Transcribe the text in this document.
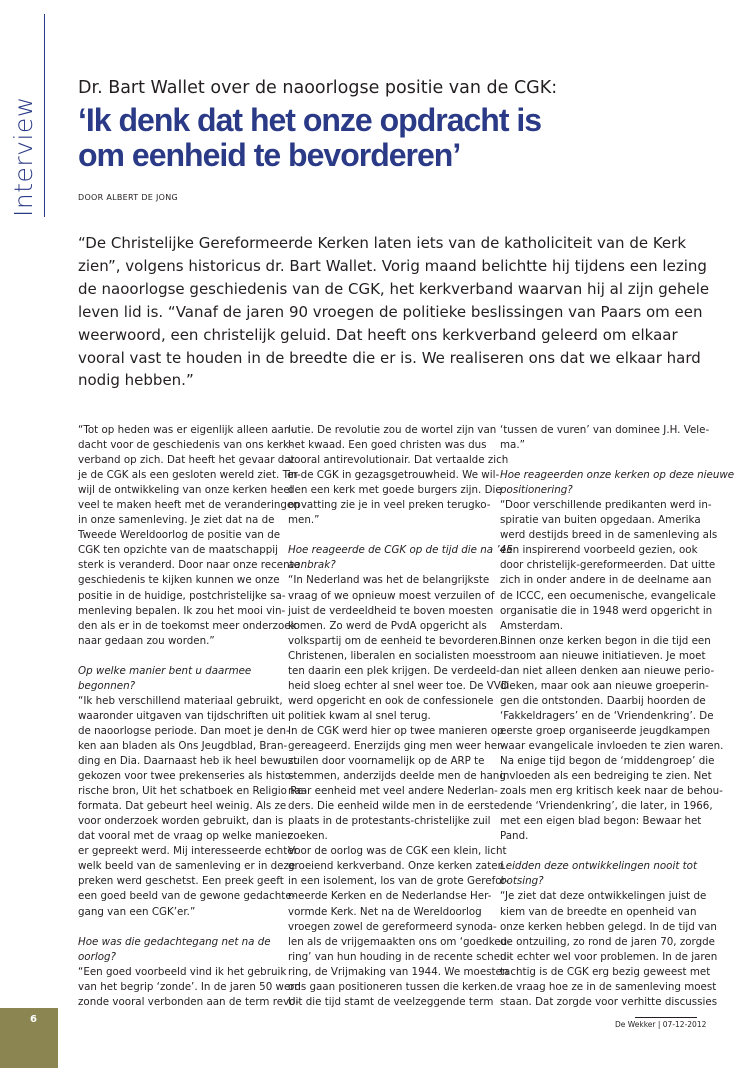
Interview
Dr. Bart Wallet over de naoorlogse positie van de CGK:
‘Ik denk dat het onze opdracht is
om eenheid te bevorderen’
DOOR ALBERT DE JONG
“De Christelijke Gereformeerde Kerken laten iets van de katholiciteit van de Kerk
zien”, volgens historicus dr. Bart Wallet. Vorig maand belichtte hij tijdens een lezing
de naoorlogse geschiedenis van de CGK, het kerkverband waarvan hij al zijn gehele
leven lid is. “Vanaf de jaren 90 vroegen de politieke beslissingen van Paars om een
weerwoord, een christelijk geluid. Dat heeft ons kerkverband geleerd om elkaar
vooral vast te houden in de breedte die er is. We realiseren ons dat we elkaar hard
nodig hebben.”
“Tot op heden was er eigenlijk alleen aan-
dacht voor de geschiedenis van ons kerk-
verband op zich. Dat heeft het gevaar dat
je de CGK als een gesloten wereld ziet. Ter-
wijl de ontwikkeling van onze kerken heel
veel te maken heeft met de veranderingen
in onze samenleving. Je ziet dat na de
Tweede Wereldoorlog de positie van de
CGK ten opzichte van de maatschappij
sterk is veranderd. Door naar onze recente
geschiedenis te kijken kunnen we onze
positie in de huidige, postchristelijke sa-
menleving bepalen. Ik zou het mooi vin-
den als er in de toekomst meer onderzoek
naar gedaan zou worden.”
Op welke manier bent u daarmee
begonnen?
“Ik heb verschillend materiaal gebruikt,
waaronder uitgaven van tijdschriften uit
de naoorlogse periode. Dan moet je den-
ken aan bladen als Ons Jeugdblad, Bran-
ding en Dia. Daarnaast heb ik heel bewust
gekozen voor twee prekenseries als histo-
rische bron, Uit het schatboek en Religio Re-
formata. Dat gebeurt heel weinig. Als ze
voor onderzoek worden gebruikt, dan is
dat vooral met de vraag op welke manier
er gepreekt werd. Mij interesseerde echter
welk beeld van de samenleving er in deze
preken werd geschetst. Een preek geeft
een goed beeld van de gewone gedachte-
gang van een CGK’er.”
Hoe was die gedachtegang net na de
oorlog?
“Een goed voorbeeld vind ik het gebruik
van het begrip ‘zonde’. In de jaren 50 werd
zonde vooral verbonden aan de term revo-
lutie. De revolutie zou de wortel zijn van
het kwaad. Een goed christen was dus
vooral antirevolutionair. Dat vertaalde zich
in de CGK in gezagsgetrouwheid. We wil-
den een kerk met goede burgers zijn. Die
opvatting zie je in veel preken terugko-
men.”
Hoe reageerde de CGK op de tijd die na ’45
aanbrak?
“In Nederland was het de belangrijkste
vraag of we opnieuw moest verzuilen of
juist de verdeeldheid te boven moesten
komen. Zo werd de PvdA opgericht als
volkspartij om de eenheid te bevorderen.
Christenen, liberalen en socialisten moes-
ten daarin een plek krijgen. De verdeeld-
heid sloeg echter al snel weer toe. De VVD
werd opgericht en ook de confessionele
politiek kwam al snel terug.
In de CGK werd hier op twee manieren op
gereageerd. Enerzijds ging men weer her-
zuilen door voornamelijk op de ARP te
stemmen, anderzijds deelde men de hang
naar eenheid met veel andere Nederlan-
ders. Die eenheid wilde men in de eerste
plaats in de protestants-christelijke zuil
zoeken.
Voor de oorlog was de CGK een klein, licht
groeiend kerkverband. Onze kerken zaten
in een isolement, los van de grote Gerefor-
meerde Kerken en de Nederlandse Her-
vormde Kerk. Net na de Wereldoorlog
vroegen zowel de gereformeerd synoda-
len als de vrijgemaakten ons om ‘goedkeu-
ring’ van hun houding in de recente scheu-
ring, de Vrijmaking van 1944. We moesten
ons gaan positioneren tussen die kerken.
Uit die tijd stamt de veelzeggende term
‘tussen de vuren’ van dominee J.H. Vele-
ma.”
Hoe reageerden onze kerken op deze nieuwe
positionering?
“Door verschillende predikanten werd in-
spiratie van buiten opgedaan. Amerika
werd destijds breed in de samenleving als
een inspirerend voorbeeld gezien, ook
door christelijk-gereformeerden. Dat uitte
zich in onder andere in de deelname aan
de ICCC, een oecumenische, evangelicale
organisatie die in 1948 werd opgericht in
Amsterdam.
Binnen onze kerken begon in die tijd een
stroom aan nieuwe initiatieven. Je moet
dan niet alleen denken aan nieuwe perio-
dieken, maar ook aan nieuwe groeperin-
gen die ontstonden. Daarbij hoorden de
‘Fakkeldragers’ en de ‘Vriendenkring’. De
eerste groep organiseerde jeugdkampen
waar evangelicale invloeden te zien waren.
Na enige tijd begon de ‘middengroep’ die
invloeden als een bedreiging te zien. Net
zoals men erg kritisch keek naar de behou-
dende ‘Vriendenkring’, die later, in 1966,
met een eigen blad begon: Bewaar het
Pand.
Leidden deze ontwikkelingen nooit tot
botsing?
“Je ziet dat deze ontwikkelingen juist de
kiem van de breedte en openheid van
onze kerken hebben gelegd. In de tijd van
de ontzuiling, zo rond de jaren 70, zorgde
dit echter wel voor problemen. In de jaren
tachtig is de CGK erg bezig geweest met
de vraag hoe ze in de samenleving moest
staan. Dat zorgde voor verhitte discussies
6	De Wekker | 07-12-2012
